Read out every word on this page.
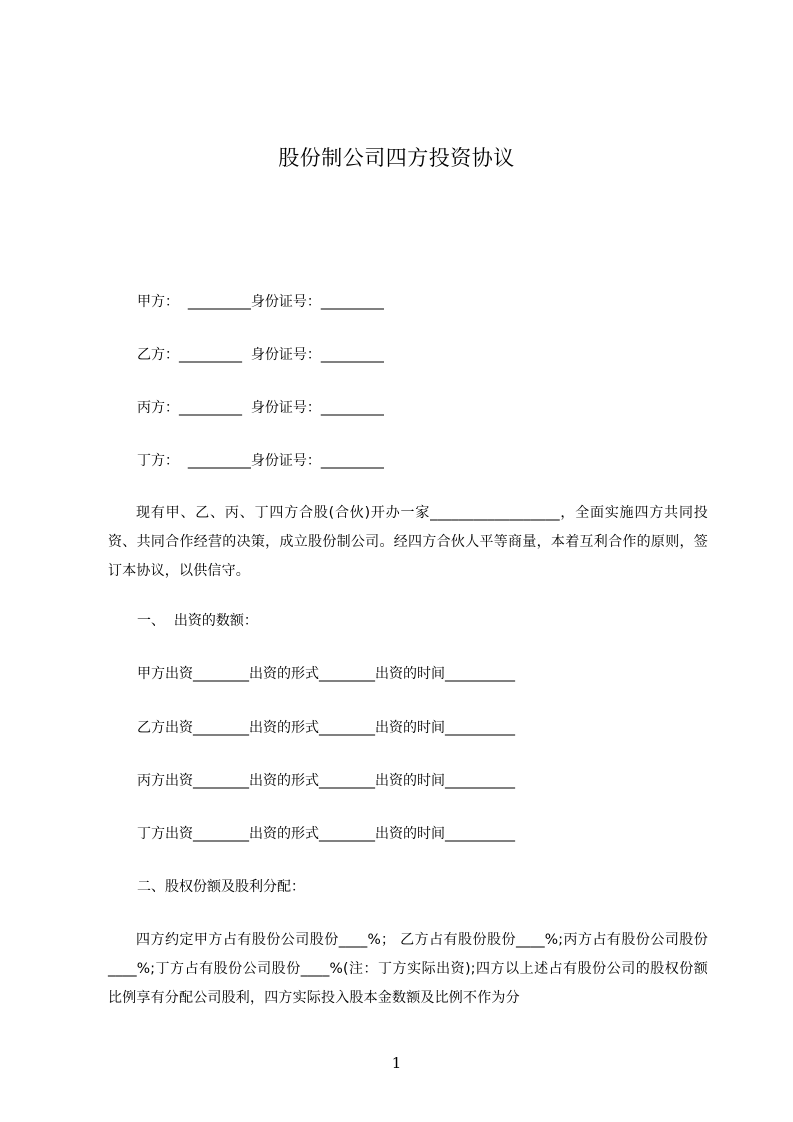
股份制公司四方投资协议
甲方：  _________身份证号：_________
乙方：_________  身份证号：_________
丙方：_________  身份证号：_________
丁方：  _________身份证号：_________
现有甲、乙、丙、丁四方合股(合伙)开办一家__________________，全面实施四方共同投资、共同合作经营的决策，成立股份制公司。经四方合伙人平等商量，本着互利合作的原则，签订本协议，以供信守。
一、  出资的数额：
甲方出资________出资的形式________出资的时间__________
乙方出资________出资的形式________出资的时间__________
丙方出资________出资的形式________出资的时间__________
丁方出资________出资的形式________出资的时间__________
二、股权份额及股利分配：
四方约定甲方占有股份公司股份____%； 乙方占有股份股份____%;丙方占有股份公司股份____%;丁方占有股份公司股份____%(注：丁方实际出资);四方以上述占有股份公司的股权份额比例享有分配公司股利，四方实际投入股本金数额及比例不作为分
1
